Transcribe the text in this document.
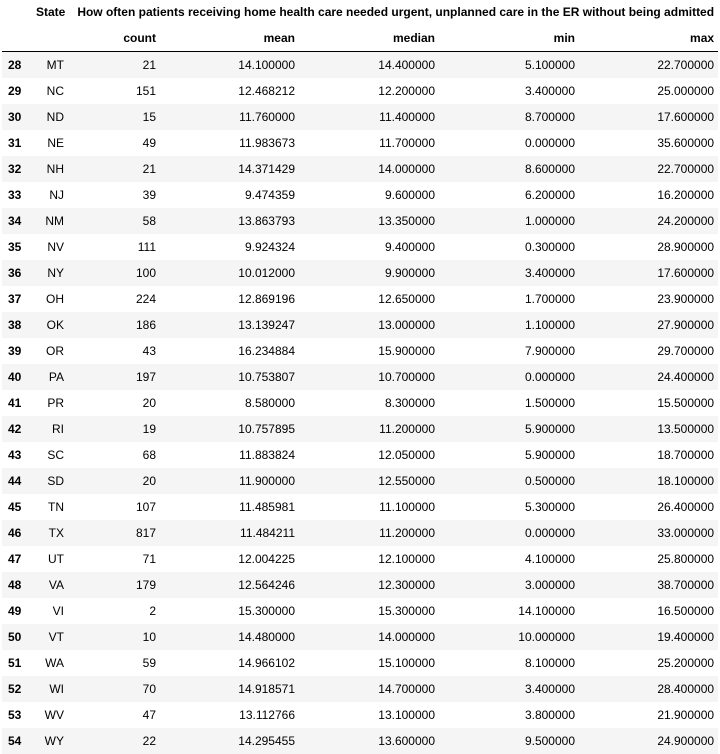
	State	How often patients receiving home health care needed urgent, unplanned care in the ER without being admitted				
		count	mean	median	min	max
28	MT	21	14.100000	14.400000	5.100000	22.700000
29	NC	151	12.468212	12.200000	3.400000	25.000000
30	ND	15	11.760000	11.400000	8.700000	17.600000
31	NE	49	11.983673	11.700000	0.000000	35.600000
32	NH	21	14.371429	14.000000	8.600000	22.700000
33	NJ	39	9.474359	9.600000	6.200000	16.200000
34	NM	58	13.863793	13.350000	1.000000	24.200000
35	NV	111	9.924324	9.400000	0.300000	28.900000
36	NY	100	10.012000	9.900000	3.400000	17.600000
37	OH	224	12.869196	12.650000	1.700000	23.900000
38	OK	186	13.139247	13.000000	1.100000	27.900000
39	OR	43	16.234884	15.900000	7.900000	29.700000
40	PA	197	10.753807	10.700000	0.000000	24.400000
41	PR	20	8.580000	8.300000	1.500000	15.500000
42	RI	19	10.757895	11.200000	5.900000	13.500000
43	SC	68	11.883824	12.050000	5.900000	18.700000
44	SD	20	11.900000	12.550000	0.500000	18.100000
45	TN	107	11.485981	11.100000	5.300000	26.400000
46	TX	817	11.484211	11.200000	0.000000	33.000000
47	UT	71	12.004225	12.100000	4.100000	25.800000
48	VA	179	12.564246	12.300000	3.000000	38.700000
49	VI	2	15.300000	15.300000	14.100000	16.500000
50	VT	10	14.480000	14.000000	10.000000	19.400000
51	WA	59	14.966102	15.100000	8.100000	25.200000
52	WI	70	14.918571	14.700000	3.400000	28.400000
53	WV	47	13.112766	13.100000	3.800000	21.900000
54	WY	22	14.295455	13.600000	9.500000	24.900000
